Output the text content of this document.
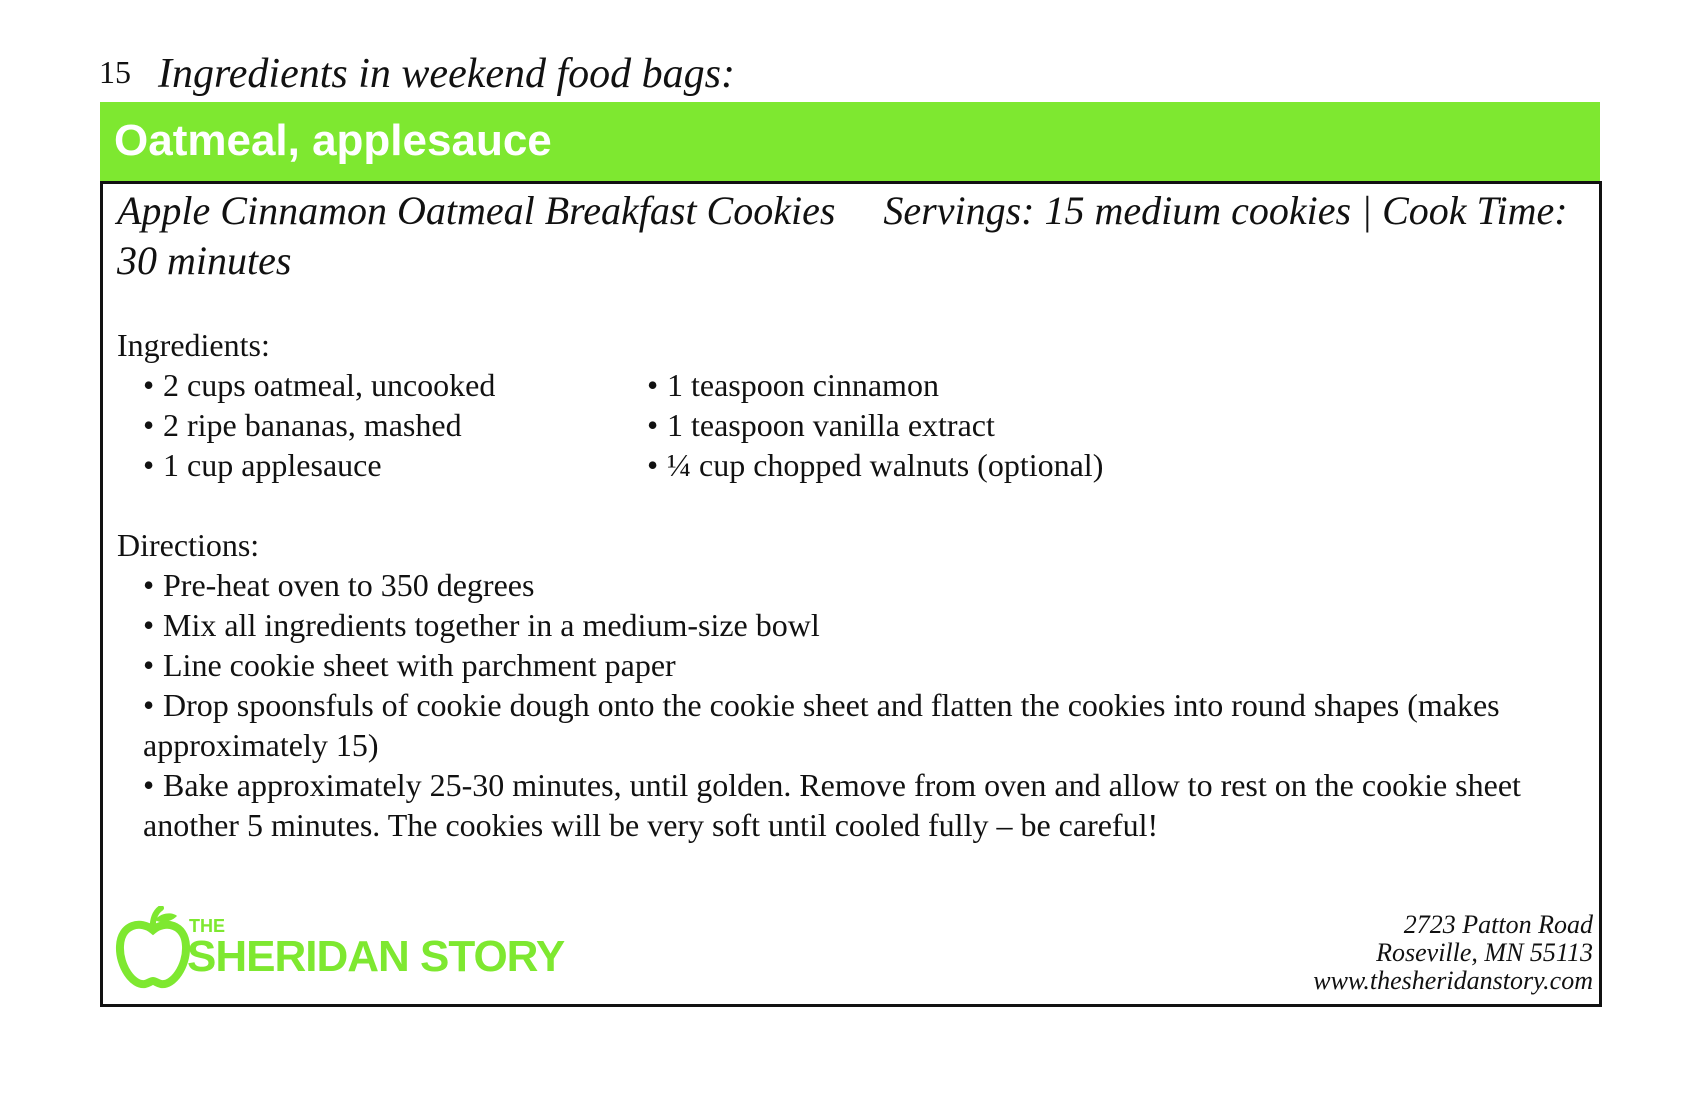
15 Ingredients in weekend food bags:
Oatmeal, applesauce
Apple Cinnamon Oatmeal Breakfast Cookies Servings: 15 medium cookies | Cook Time: 30 minutes
Ingredients:
• 2 cups oatmeal, uncooked
• 2 ripe bananas, mashed
• 1 cup applesauce
• 1 teaspoon cinnamon
• 1 teaspoon vanilla extract
• ¼ cup chopped walnuts (optional)
Directions:
• Pre-heat oven to 350 degrees
• Mix all ingredients together in a medium-size bowl
• Line cookie sheet with parchment paper
• Drop spoonsfuls of cookie dough onto the cookie sheet and flatten the cookies into round shapes (makes approximately 15)
• Bake approximately 25-30 minutes, until golden. Remove from oven and allow to rest on the cookie sheet another 5 minutes. The cookies will be very soft until cooled fully – be careful!
THE
SHERIDAN STORY
2723 Patton Road
Roseville, MN 55113
www.thesheridanstory.com
